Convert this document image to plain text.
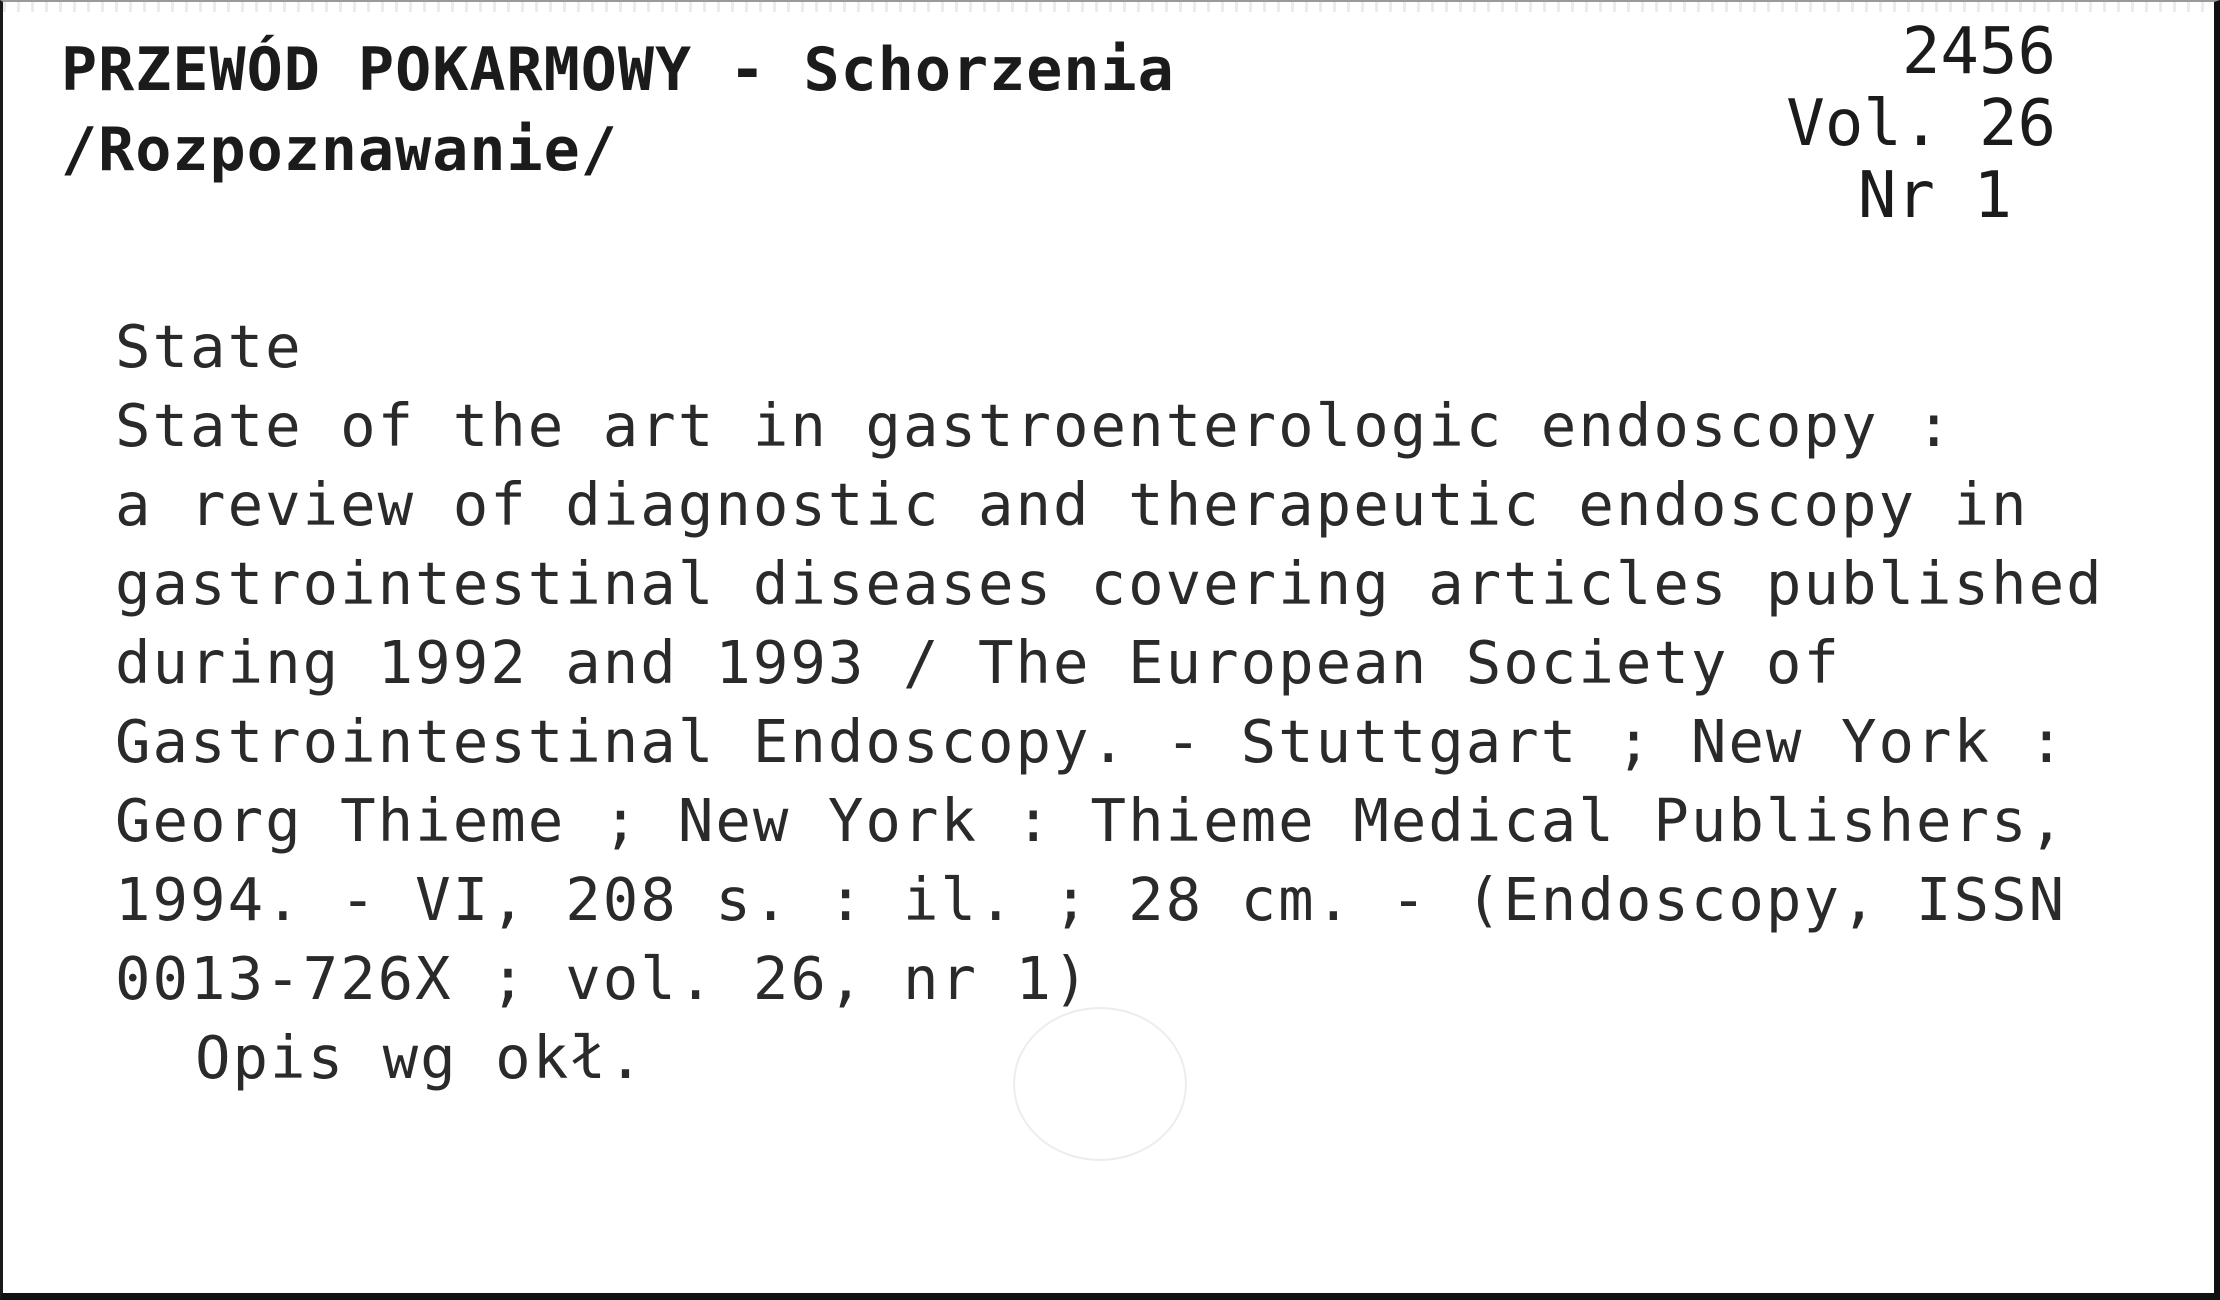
PRZEWÓD POKARMOWY - Schorzenia
/Rozpoznawanie/
2456
Vol. 26
Nr 1
State
State of the art in gastroenterologic endoscopy :
a review of diagnostic and therapeutic endoscopy in
gastrointestinal diseases covering articles published
during 1992 and 1993 / The European Society of
Gastrointestinal Endoscopy. - Stuttgart ; New York :
Georg Thieme ; New York : Thieme Medical Publishers,
1994. - VI, 208 s. : il. ; 28 cm. - (Endoscopy, ISSN
0013-726X ; vol. 26, nr 1)
Opis wg okł.
